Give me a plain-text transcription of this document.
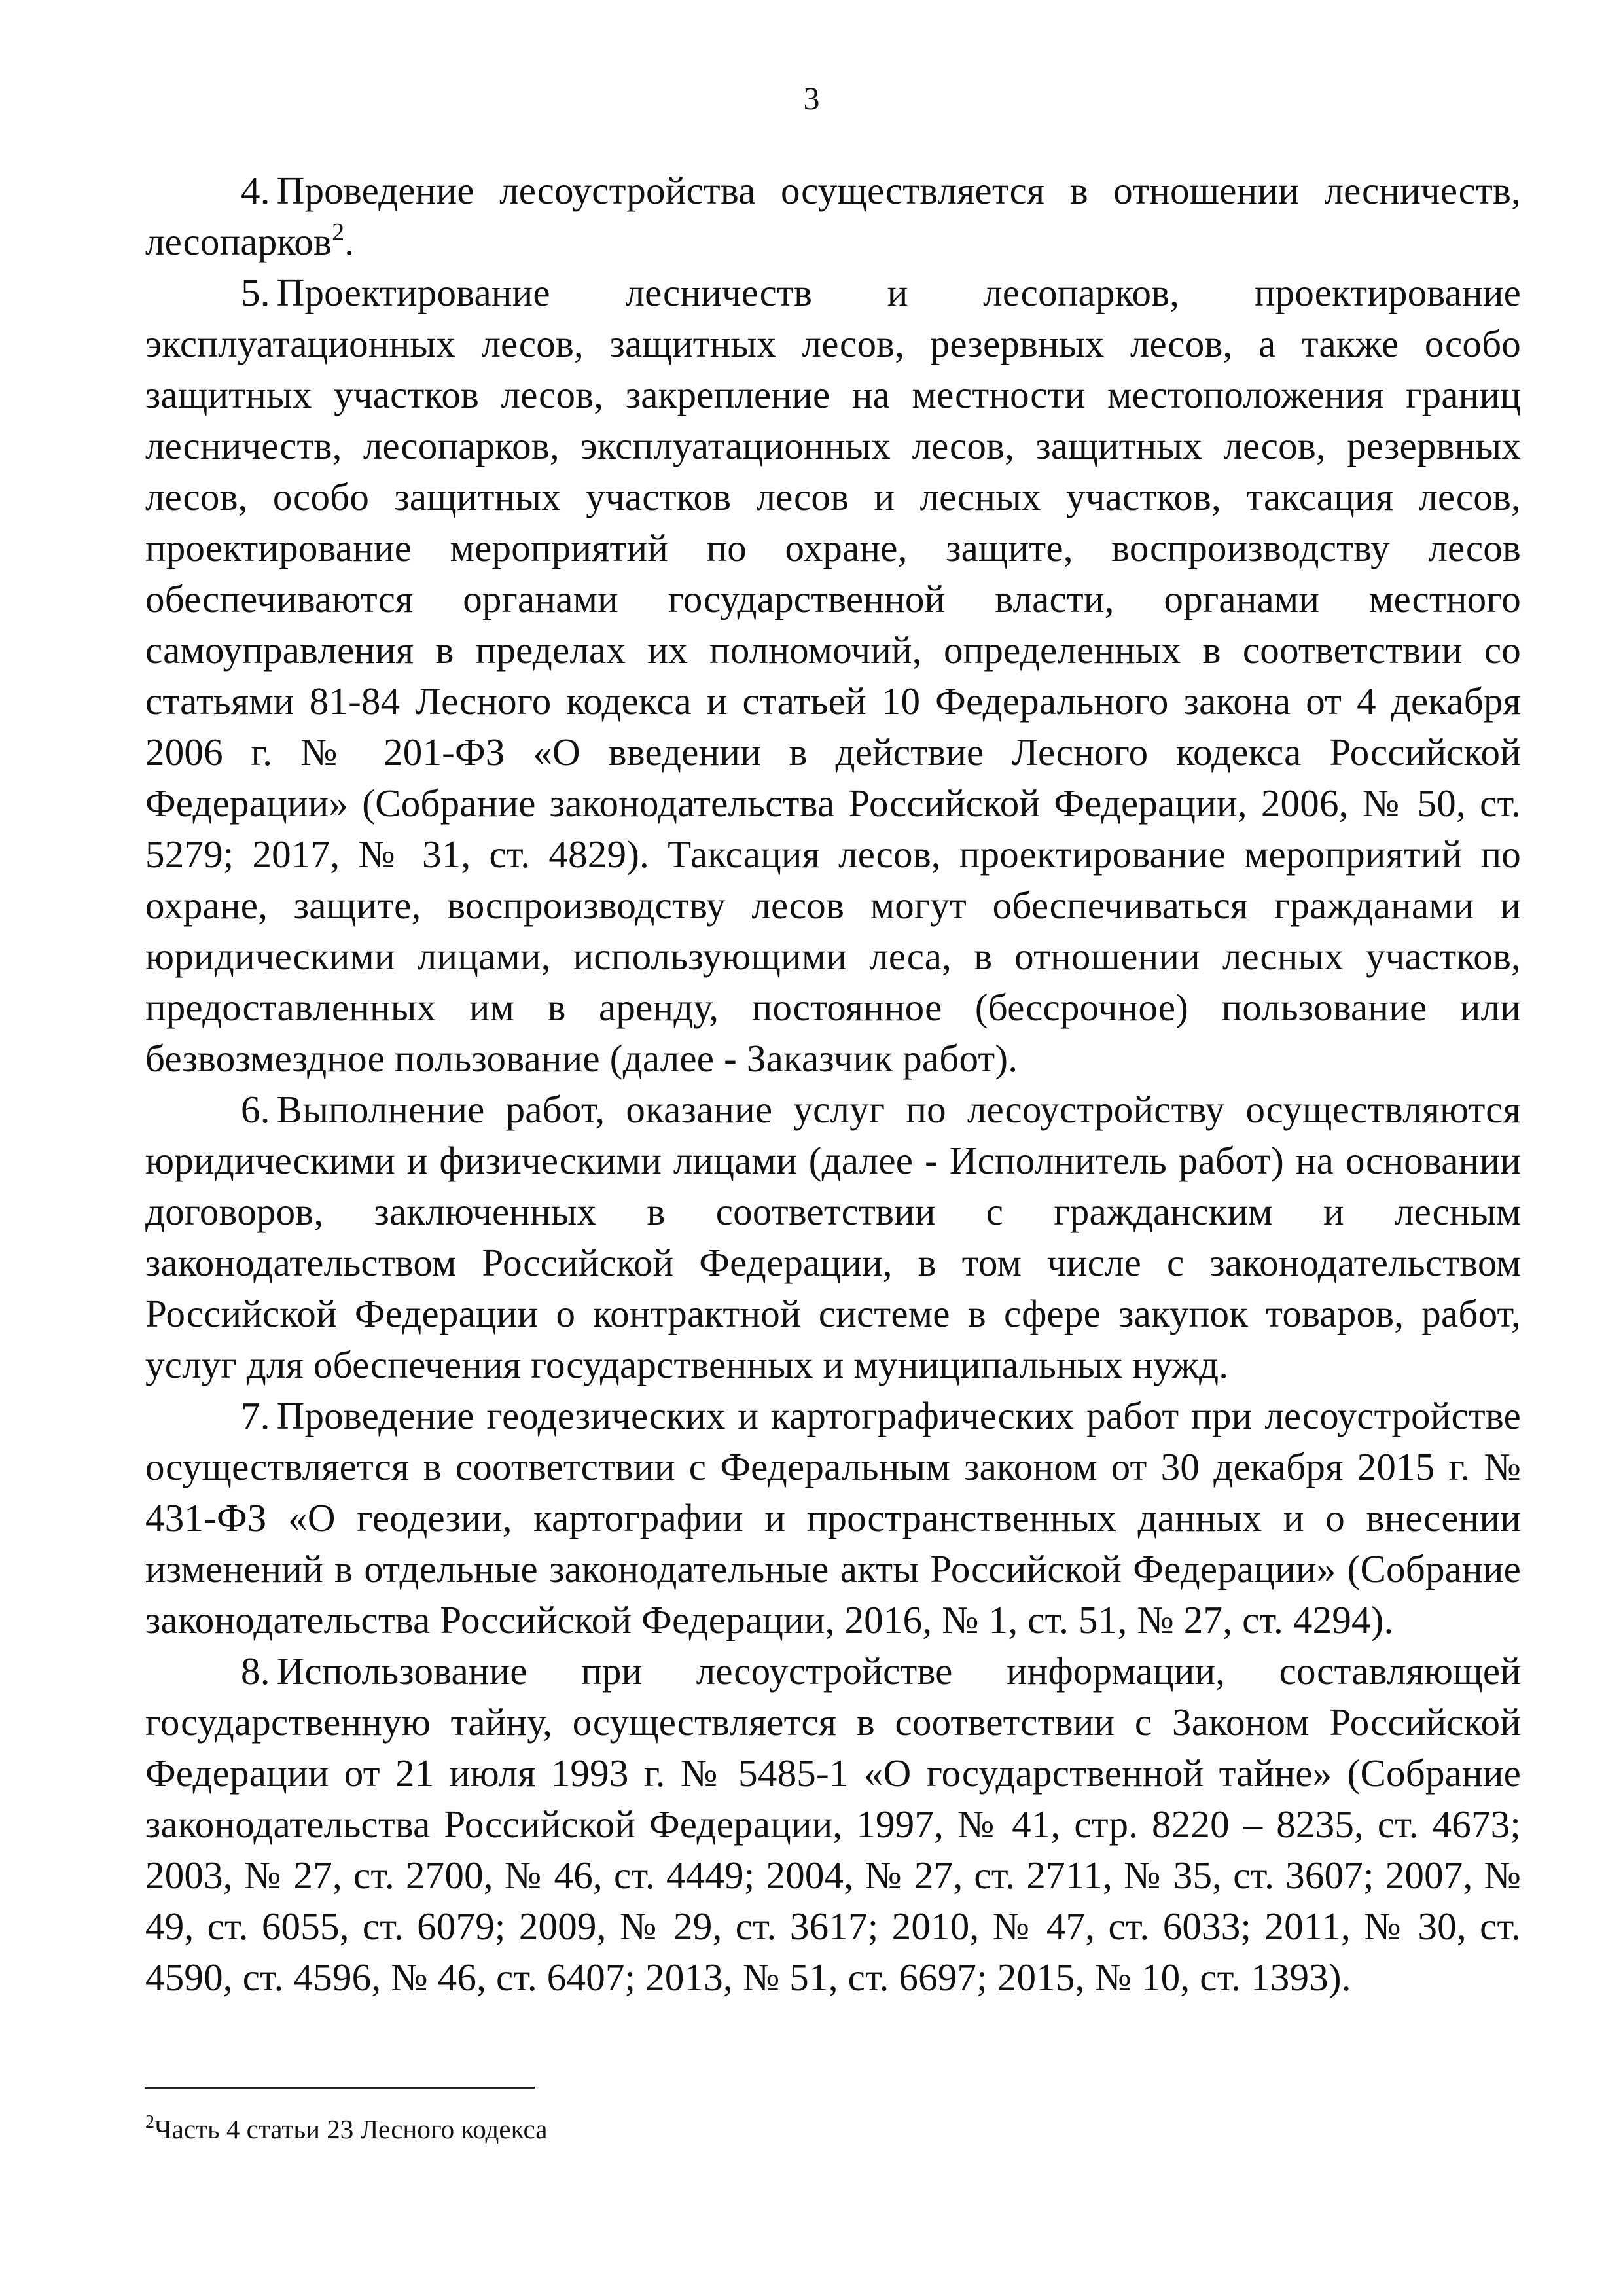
3

4. Проведение лесоустройства осуществляется в отношении лесничеств, лесопарков$^2$.

5. Проектирование лесничеств и лесопарков, проектирование эксплуатационных лесов, защитных лесов, резервных лесов, а также особо защитных участков лесов, закрепление на местности местоположения границ лесничеств, лесопарков, эксплуатационных лесов, защитных лесов, резервных лесов, особо защитных участков лесов и лесных участков, таксация лесов, проектирование мероприятий по охране, защите, воспроизводству лесов обеспечиваются органами государственной власти, органами местного самоуправления в пределах их полномочий, определенных в соответствии со статьями 81-84 Лесного кодекса и статьей 10 Федерального закона от 4 декабря 2006 г. № 201-ФЗ «О введении в действие Лесного кодекса Российской Федерации» (Собрание законодательства Российской Федерации, 2006, № 50, ст. 5279; 2017, № 31, ст. 4829). Таксация лесов, проектирование мероприятий по охране, защите, воспроизводству лесов могут обеспечиваться гражданами и юридическими лицами, использующими леса, в отношении лесных участков, предоставленных им в аренду, постоянное (бессрочное) пользование или безвозмездное пользование (далее - Заказчик работ).

6. Выполнение работ, оказание услуг по лесоустройству осуществляются юридическими и физическими лицами (далее - Исполнитель работ) на основании договоров, заключенных в соответствии с гражданским и лесным законодательством Российской Федерации, в том числе с законодательством Российской Федерации о контрактной системе в сфере закупок товаров, работ, услуг для обеспечения государственных и муниципальных нужд.

7. Проведение геодезических и картографических работ при лесоустройстве осуществляется в соответствии с Федеральным законом от 30 декабря 2015 г. № 431-ФЗ «О геодезии, картографии и пространственных данных и о внесении изменений в отдельные законодательные акты Российской Федерации» (Собрание законодательства Российской Федерации, 2016, № 1, ст. 51, № 27, ст. 4294).

8. Использование при лесоустройстве информации, составляющей государственную тайну, осуществляется в соответствии с Законом Российской Федерации от 21 июля 1993 г. № 5485-1 «О государственной тайне» (Собрание законодательства Российской Федерации, 1997, № 41, стр. 8220 – 8235, ст. 4673; 2003, № 27, ст. 2700, № 46, ст. 4449; 2004, № 27, ст. 2711, № 35, ст. 3607; 2007, № 49, ст. 6055, ст. 6079; 2009, № 29, ст. 3617; 2010, № 47, ст. 6033; 2011, № 30, ст. 4590, ст. 4596, № 46, ст. 6407; 2013, № 51, ст. 6697; 2015, № 10, ст. 1393).

$^2$Часть 4 статьи 23 Лесного кодекса
